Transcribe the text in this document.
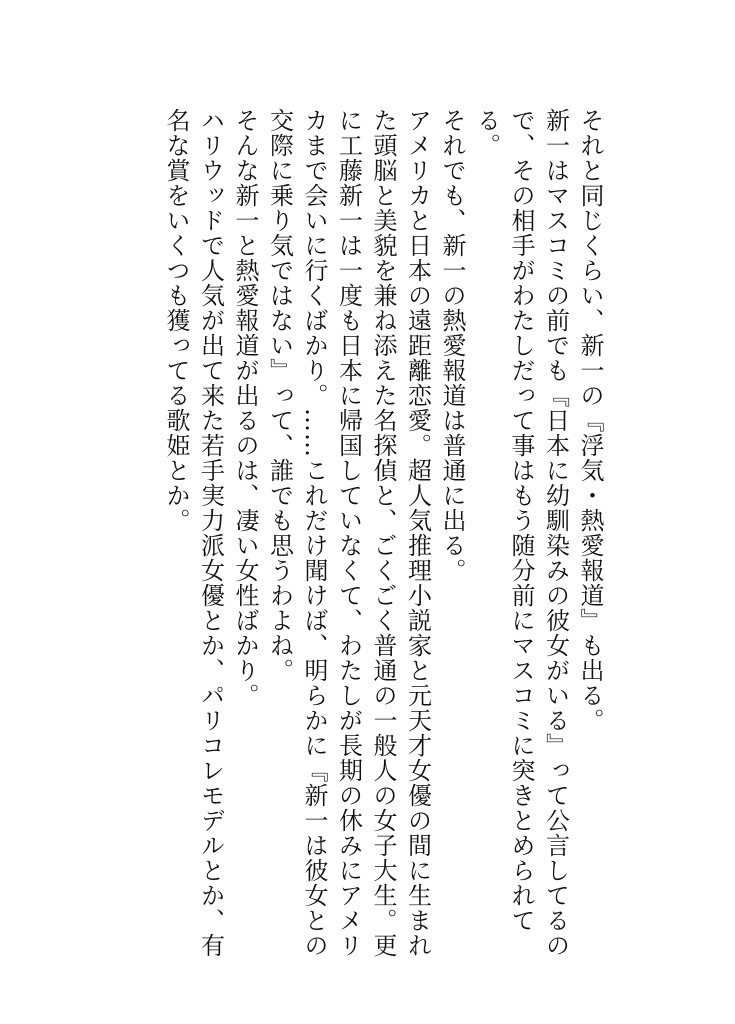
それと同じくらい、新一の『浮気・熱愛報道』も出る。

新一はマスコミの前でも『日本に幼馴染みの彼女がいる』って公言してるので、その相手がわたしだって事はもう随分前にマスコミに突きとめられてる。

それでも、新一の熱愛報道は普通に出る。

アメリカと日本の遠距離恋愛。超人気推理小説家と元天才女優の間に生まれた頭脳と美貌を兼ね添えた名探偵と、ごくごく普通の一般人の女子大生。更に工藤新一は一度も日本に帰国していなくて、わたしが長期の休みにアメリカまで会いに行くばかり。……これだけ聞けば、明らかに『新一は彼女との交際に乗り気ではない』って、誰でも思うわよね。

そんな新一と熱愛報道が出るのは、凄い女性ばかり。

ハリウッドで人気が出て来た若手実力派女優とか、パリコレモデルとか、有名な賞をいくつも獲ってる歌姫とか。
